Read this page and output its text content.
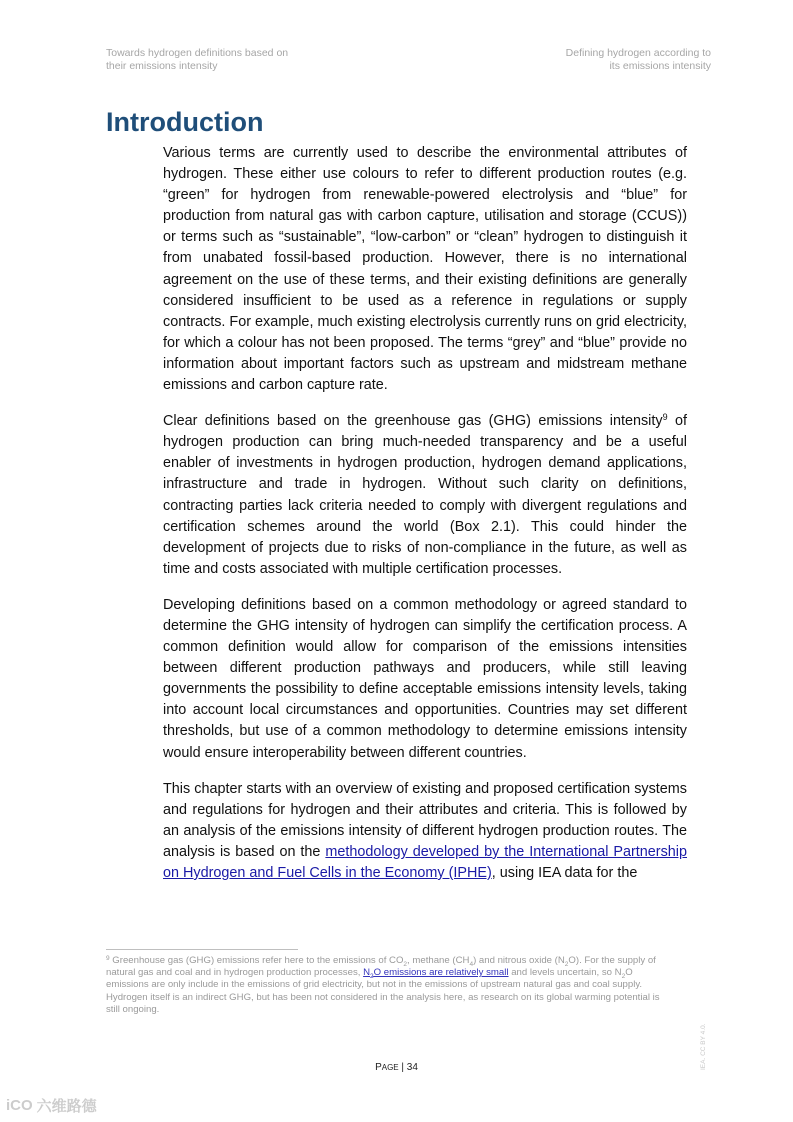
Towards hydrogen definitions based on
their emissions intensity
Defining hydrogen according to
its emissions intensity
Introduction

Various terms are currently used to describe the environmental attributes of hydrogen. These either use colours to refer to different production routes (e.g. “green” for hydrogen from renewable-powered electrolysis and “blue” for production from natural gas with carbon capture, utilisation and storage (CCUS)) or terms such as “sustainable”, “low-carbon” or “clean” hydrogen to distinguish it from unabated fossil-based production. However, there is no international agreement on the use of these terms, and their existing definitions are generally considered insufficient to be used as a reference in regulations or supply contracts. For example, much existing electrolysis currently runs on grid electricity, for which a colour has not been proposed. The terms “grey” and “blue” provide no information about important factors such as upstream and midstream methane emissions and carbon capture rate.

Clear definitions based on the greenhouse gas (GHG) emissions intensity$^9$ of hydrogen production can bring much-needed transparency and be a useful enabler of investments in hydrogen production, hydrogen demand applications, infrastructure and trade in hydrogen. Without such clarity on definitions, contracting parties lack criteria needed to comply with divergent regulations and certification schemes around the world (Box 2.1). This could hinder the development of projects due to risks of non-compliance in the future, as well as time and costs associated with multiple certification processes.

Developing definitions based on a common methodology or agreed standard to determine the GHG intensity of hydrogen can simplify the certification process. A common definition would allow for comparison of the emissions intensities between different production pathways and producers, while still leaving governments the possibility to define acceptable emissions intensity levels, taking into account local circumstances and opportunities. Countries may set different thresholds, but use of a common methodology to determine emissions intensity would ensure interoperability between different countries.

This chapter starts with an overview of existing and proposed certification systems and regulations for hydrogen and their attributes and criteria. This is followed by an analysis of the emissions intensity of different hydrogen production routes. The analysis is based on the methodology developed by the International Partnership on Hydrogen and Fuel Cells in the Economy (IPHE), using IEA data for the

$^9$ Greenhouse gas (GHG) emissions refer here to the emissions of $CO_2$, methane $(CH_4)$ and nitrous oxide $(N_2O)$. For the supply of natural gas and coal and in hydrogen production processes, $N_2O$ emissions are relatively small and levels uncertain, so $N_2O$ emissions are only include in the emissions of grid electricity, but not in the emissions of upstream natural gas and coal supply. Hydrogen itself is an indirect GHG, but has been not considered in the analysis here, as research on its global warming potential is still ongoing.

PAGE | 34	IEA. CC BY 4.0.
iCO 六维路德
